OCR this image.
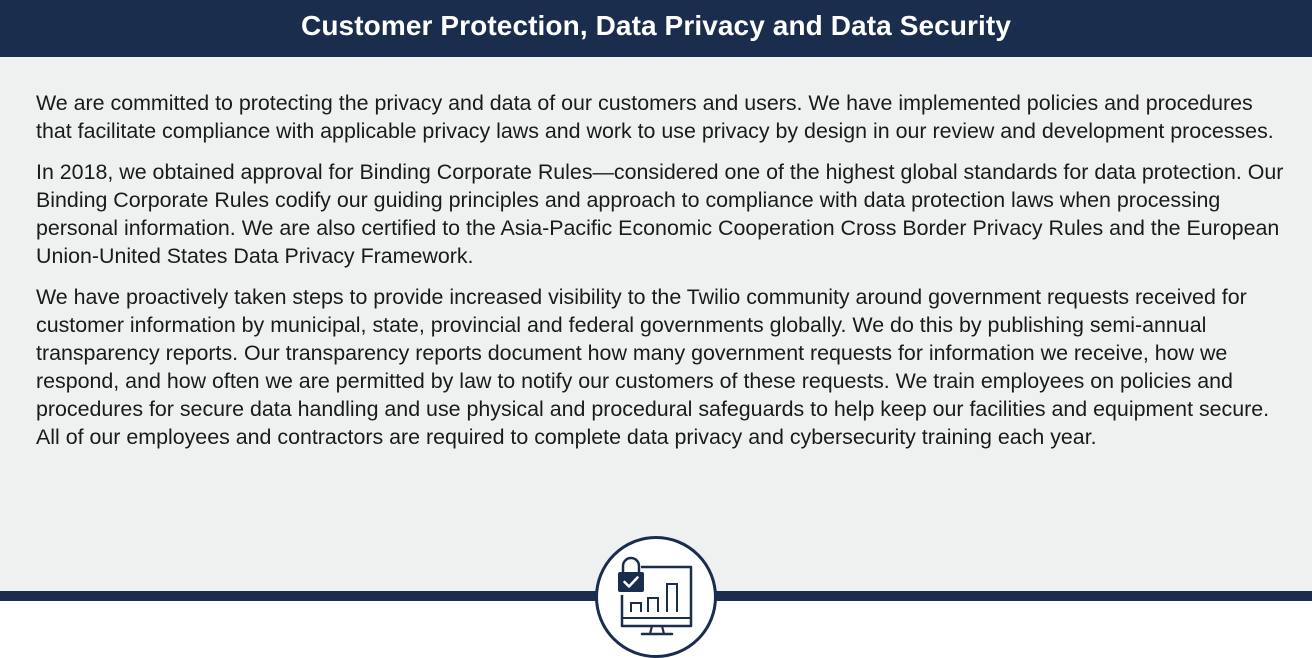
Customer Protection, Data Privacy and Data Security

We are committed to protecting the privacy and data of our customers and users. We have implemented policies and procedures that facilitate compliance with applicable privacy laws and work to use privacy by design in our review and development processes.

In 2018, we obtained approval for Binding Corporate Rules—considered one of the highest global standards for data protection. Our Binding Corporate Rules codify our guiding principles and approach to compliance with data protection laws when processing personal information. We are also certified to the Asia-Pacific Economic Cooperation Cross Border Privacy Rules and the European Union-United States Data Privacy Framework.

We have proactively taken steps to provide increased visibility to the Twilio community around government requests received for customer information by municipal, state, provincial and federal governments globally. We do this by publishing semi-annual transparency reports. Our transparency reports document how many government requests for information we receive, how we respond, and how often we are permitted by law to notify our customers of these requests. We train employees on policies and procedures for secure data handling and use physical and procedural safeguards to help keep our facilities and equipment secure. All of our employees and contractors are required to complete data privacy and cybersecurity training each year.
